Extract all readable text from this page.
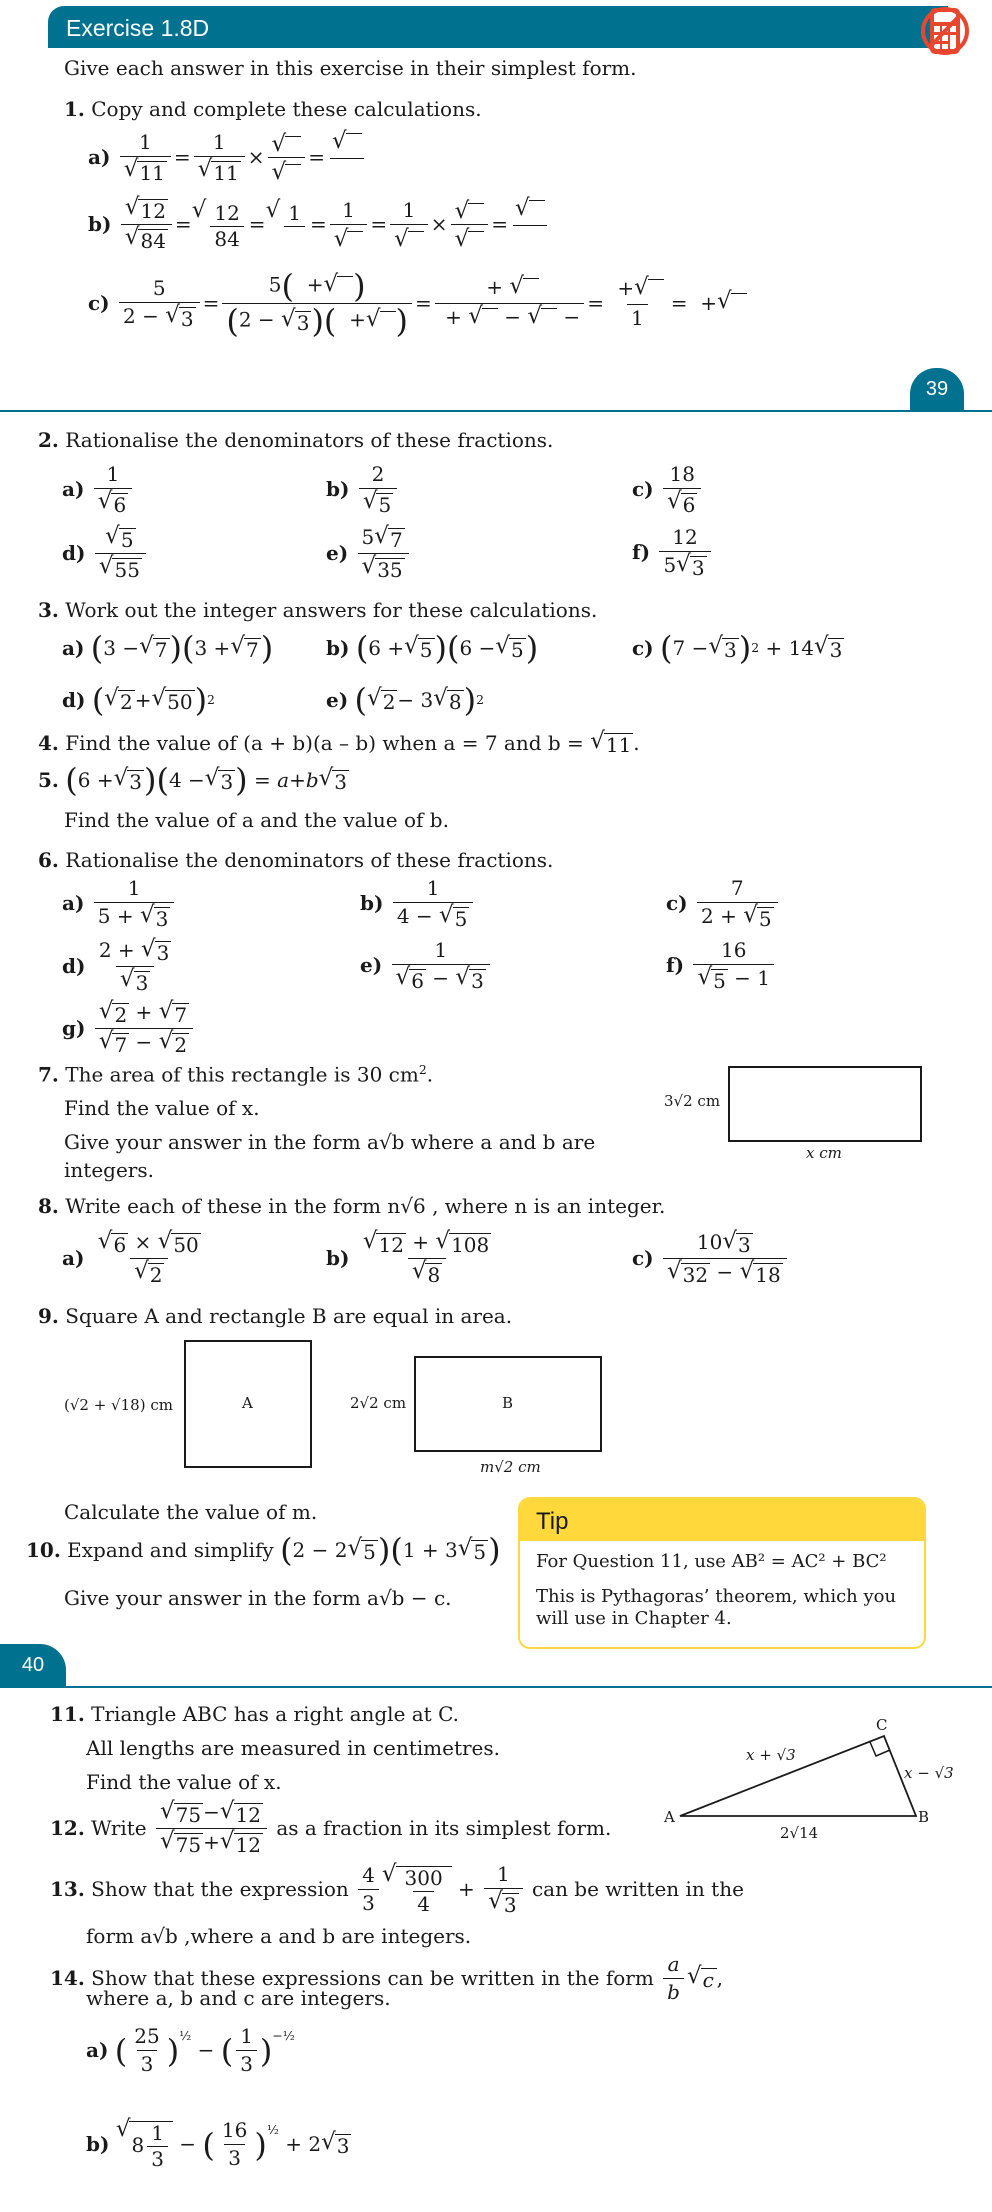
Exercise 1.8D
Give each answer in this exercise in their simplest form.
1. Copy and complete these calculations.
a)

1
√ 11
=
1
√ 11
× √
√
=
√

b)

√ 12
√ 84
=
√ $\frac{12}{84}$ =
√ 1
=
1
√
=
1
√
× √
√
=
√

c)

5
2 − √ 3
=
5(  + √
)
(2 − √ 3 )(  + √
) =
+ √

+ √
− √
−
=
+ √

1
=  + √

39
2. Rationalise the denominators of these fractions.
a)

1
√ 6
b)

2
√ 5
c)

18
√ 6
d)

√ 5
√ 55
e)

5 √ 7
√ 35
f)

12
5 √ 3
3. Work out the integer answers for these calculations.
a)
( 3 − √ 7 ) ( 3 + √ 7 )	b)
( 6 + √ 5 ) ( 6 − √ 5 )	c)
( 7 − √ 3 ) 2 + 14 √ 3
d)
( √ 2 + √ 50 ) 2	e)
( √ 2 − 3 √ 8 ) 2
4.
Find the value of (a + b)(a – b) when a = 7 and b =
√ 11 .
5.
( 6 + √ 3 ) ( 4 − √ 3 ) = a + b √ 3
Find the value of a and the value of b.
6. Rationalise the denominators of these fractions.
a)

1
5 + √ 3
b)

1
4 − √ 5
c)

7
2 + √ 5
d)

2 + √ 3
√ 3
e)

1
√ 6 − √ 3
f)

16
√ 5 − 1
g)

√ 2 + √ 7
√ 7 − √ 2
7. The area of this rectangle is 30 $cm^2$.
Find the value of x.
Give your answer in the form a√b where a and b are
integers.
3√2 cm
x cm
8. Write each of these in the form n√6 , where n is an integer.
a)

√ 6 × √ 50
√ 2
b)

√ 12 + √ 108
√ 8
c)

10 √ 3
√ 32 − √ 18
9. Square A and rectangle B are equal in area.
A
(√2 + √18) cm	B
2√2 cm
m√2 cm
Calculate the value of m.
10.
Expand and simplify
( 2 − 2 √ 5 ) ( 1 + 3 √ 5 )
Give your answer in the form a√b − c.
Tip

For Question 11, use AB² = AC² + BC²

This is Pythagoras’ theorem, which you

will use in Chapter 4.

40
11. Triangle ABC has a right angle at C.
All lengths are measured in centimetres.
Find the value of x.
A	B
C
x + √3
x − √3
2√14
12.
Write

√ 75 − √ 12
√ 75 + √ 12

as a fraction in its simplest form.
13.
Show that the expression

4
3
√ $\frac{300}{4}$ +
1
√ 3

can be written in the
form a√b ,where a and b are integers.
14.
Show that these expressions can be written in the form

a
b
√ c ,
where a, b and c are integers.
a)
( 25
3 )$^{\frac{1}{2}}$
− ( 1
3 )$^{-\frac{1}{2}}$
b)

√
$8 \frac{1}{3}$ − ( 16
3 )$^{\frac{1}{2}}$
+ 2 √ 3
